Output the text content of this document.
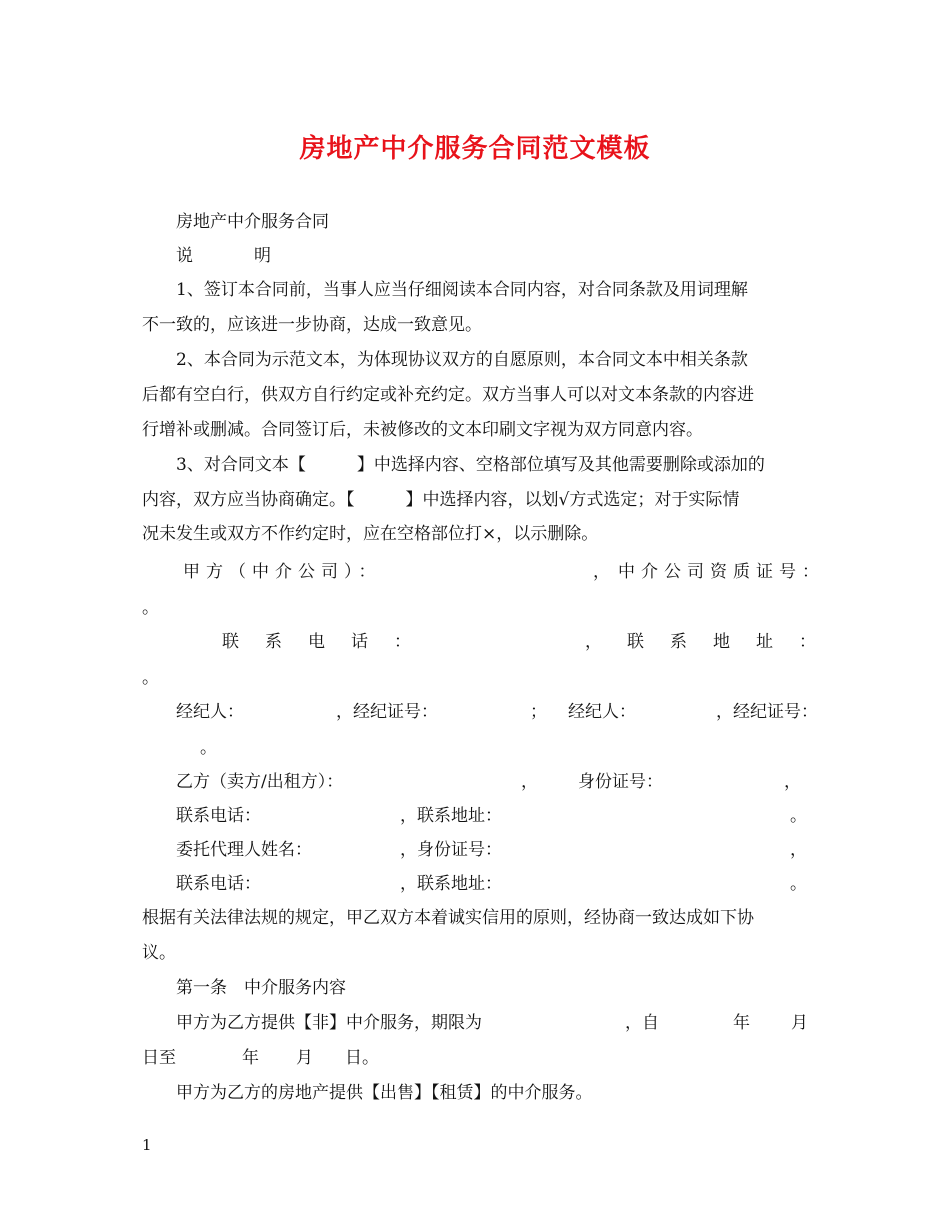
房地产中介服务合同范文模板
房地产中介服务合同
说	明
1、签订本合同前，当事人应当仔细阅读本合同内容，对合同条款及用词理解
不一致的，应该进一步协商，达成一致意见。
2、本合同为示范文本，为体现协议双方的自愿原则，本合同文本中相关条款
后都有空白行，供双方自行约定或补充约定。双方当事人可以对文本条款的内容进
行增补或删减。合同签订后，未被修改的文本印刷文字视为双方同意内容。
3、对合同文本【　　　】中选择内容、空格部位填写及其他需要删除或添加的
内容，双方应当协商确定。【　　　】中选择内容，以划√方式选定；对于实际情
况未发生或双方不作约定时，应在空格部位打×，以示删除。
甲方（中介公司）：	， 中介公司资质证号：
。
联系电话：	， 联系地址：
。
经纪人：	，经纪证号：	； 经纪人：	，经纪证号：
。
乙方（卖方/出租方）：	， 身份证号：	，
联系电话：	，联系地址：	。
委托代理人姓名：	，身份证号：	，
联系电话：	，联系地址：	。
根据有关法律法规的规定，甲乙双方本着诚实信用的原则，经协商一致达成如下协
议。
第一条　中介服务内容
甲方为乙方提供【非】中介服务，期限为	，自	年 月
日至	年 月 日。
甲方为乙方的房地产提供【出售】【租赁】的中介服务。
1
